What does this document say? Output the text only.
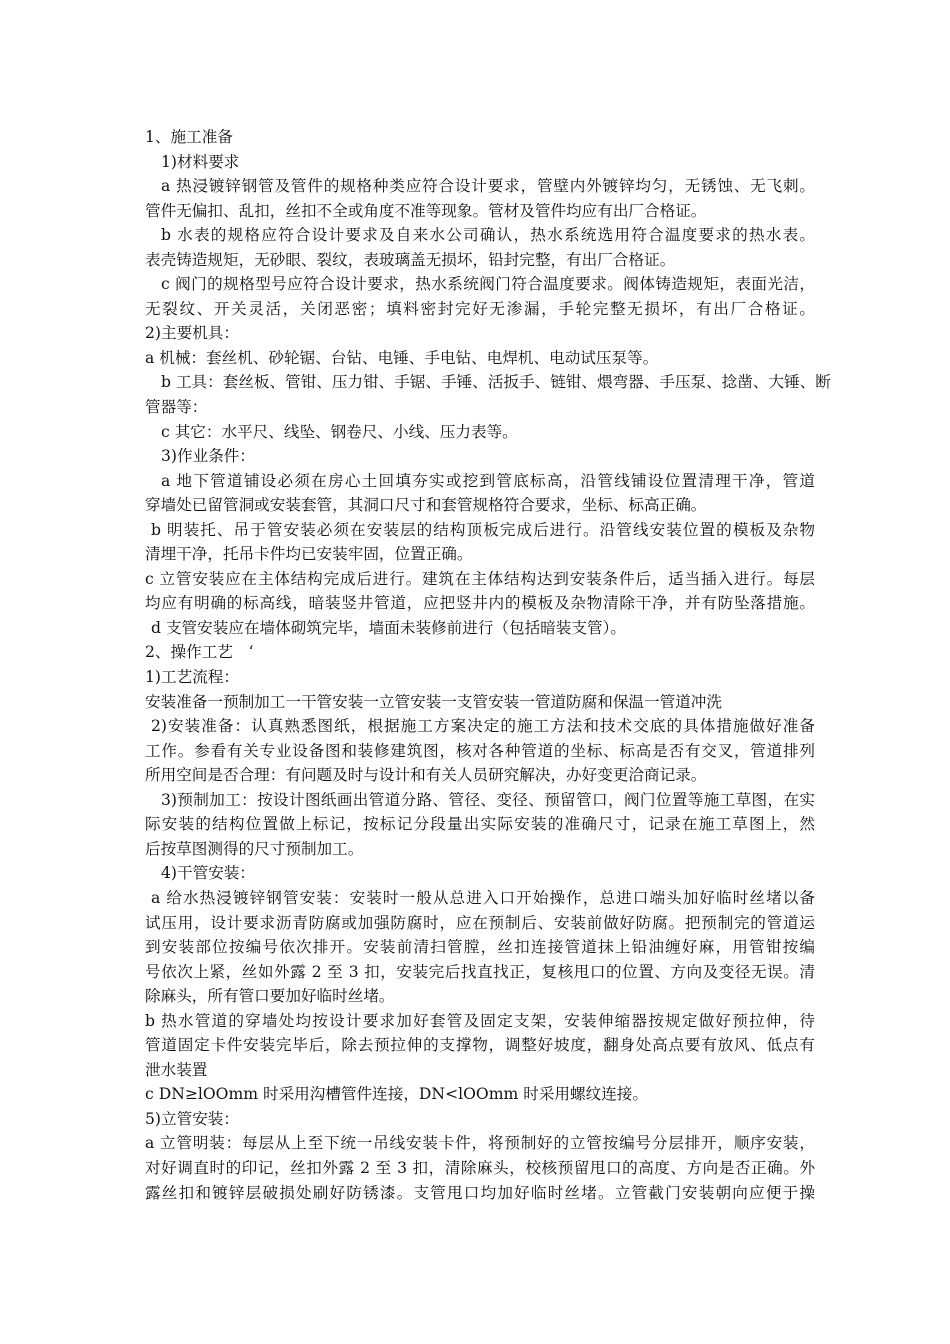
1、施工准备
1)材料要求
a 热浸镀锌钢管及管件的规格种类应符合设计要求，管壁内外镀锌均匀，无锈蚀、无飞刺。
管件无偏扣、乱扣，丝扣不全或角度不准等现象。管材及管件均应有出厂合格证。
b 水表的规格应符合设计要求及自来水公司确认，热水系统选用符合温度要求的热水表。
表壳铸造规矩，无砂眼、裂纹，表玻璃盖无损坏，铅封完整，有出厂合格证。
c 阀门的规格型号应符合设计要求，热水系统阀门符合温度要求。阀体铸造规矩，表面光洁，
无裂纹、开关灵活，关闭恶密；填料密封完好无渗漏，手轮完整无损坏，有出厂合格证。
2)主要机具：
a 机械：套丝机、砂轮锯、台钻、电锤、手电钻、电焊机、电动试压泵等。
b 工具：套丝板、管钳、压力钳、手锯、手锤、活扳手、链钳、煨弯器、手压泵、捻凿、大锤、断
管器等：
c 其它：水平尺、线坠、钢卷尺、小线、压力表等。
3)作业条件：
a 地下管道铺设必须在房心土回填夯实或挖到管底标高，沿管线铺设位置清理干净，管道
穿墙处已留管洞或安装套管，其洞口尺寸和套管规格符合要求，坐标、标高正确。
b 明装托、吊于管安装必须在安装层的结构顶板完成后进行。沿管线安装位置的模板及杂物
清埋干净，托吊卡件均已安装牢固，位置正确。
c 立管安装应在主体结构完成后进行。建筑在主体结构达到安装条件后，适当插入进行。每层
均应有明确的标高线，暗装竖井管道，应把竖井内的模板及杂物清除干净，并有防坠落措施。
d 支管安装应在墙体砌筑完毕，墙面未装修前进行（包括暗装支管）。
2、操作工艺　‘
1)工艺流程：
安装准备一预制加工一干管安装一立管安装一支管安装一管道防腐和保温一管道冲洗
2)安装准备：认真熟悉图纸，根据施工方案决定的施工方法和技术交底的具体措施做好准备
工作。参看有关专业设备图和装修建筑图，核对各种管道的坐标、标高是否有交叉，管道排列
所用空间是否合理：有问题及时与设计和有关人员研究解决，办好变更洽商记录。
3)预制加工：按设计图纸画出管道分路、管径、变径、预留管口，阀门位置等施工草图，在实
际安装的结构位置做上标记，按标记分段量出实际安装的准确尺寸，记录在施工草图上，然
后按草图测得的尺寸预制加工。
4)干管安装：
a 给水热浸镀锌钢管安装：安装时一般从总进入口开始操作，总进口端头加好临时丝堵以备
试压用，设计要求沥青防腐或加强防腐时，应在预制后、安装前做好防腐。把预制完的管道运
到安装部位按编号依次排开。安装前清扫管膛，丝扣连接管道抹上铅油缠好麻，用管钳按编
号依次上紧，丝如外露 2 至 3 扣，安装完后找直找正，复核甩口的位置、方向及变径无误。清
除麻头，所有管口要加好临时丝堵。
b 热水管道的穿墙处均按设计要求加好套管及固定支架，安装伸缩器按规定做好预拉伸，待
管道固定卡件安装完毕后，除去预拉伸的支撑物，调整好坡度，翻身处高点要有放风、低点有
泄水装置
c DN≥lOOmm 时采用沟槽管件连接，DN<lOOmm 时采用螺纹连接。
5)立管安装：
a 立管明装：每层从上至下统一吊线安装卡件，将预制好的立管按编号分层排开，顺序安装，
对好调直时的印记，丝扣外露 2 至 3 扣，清除麻头，校核预留甩口的高度、方向是否正确。外
露丝扣和镀锌层破损处刷好防锈漆。支管甩口均加好临时丝堵。立管截门安装朝向应便于操
